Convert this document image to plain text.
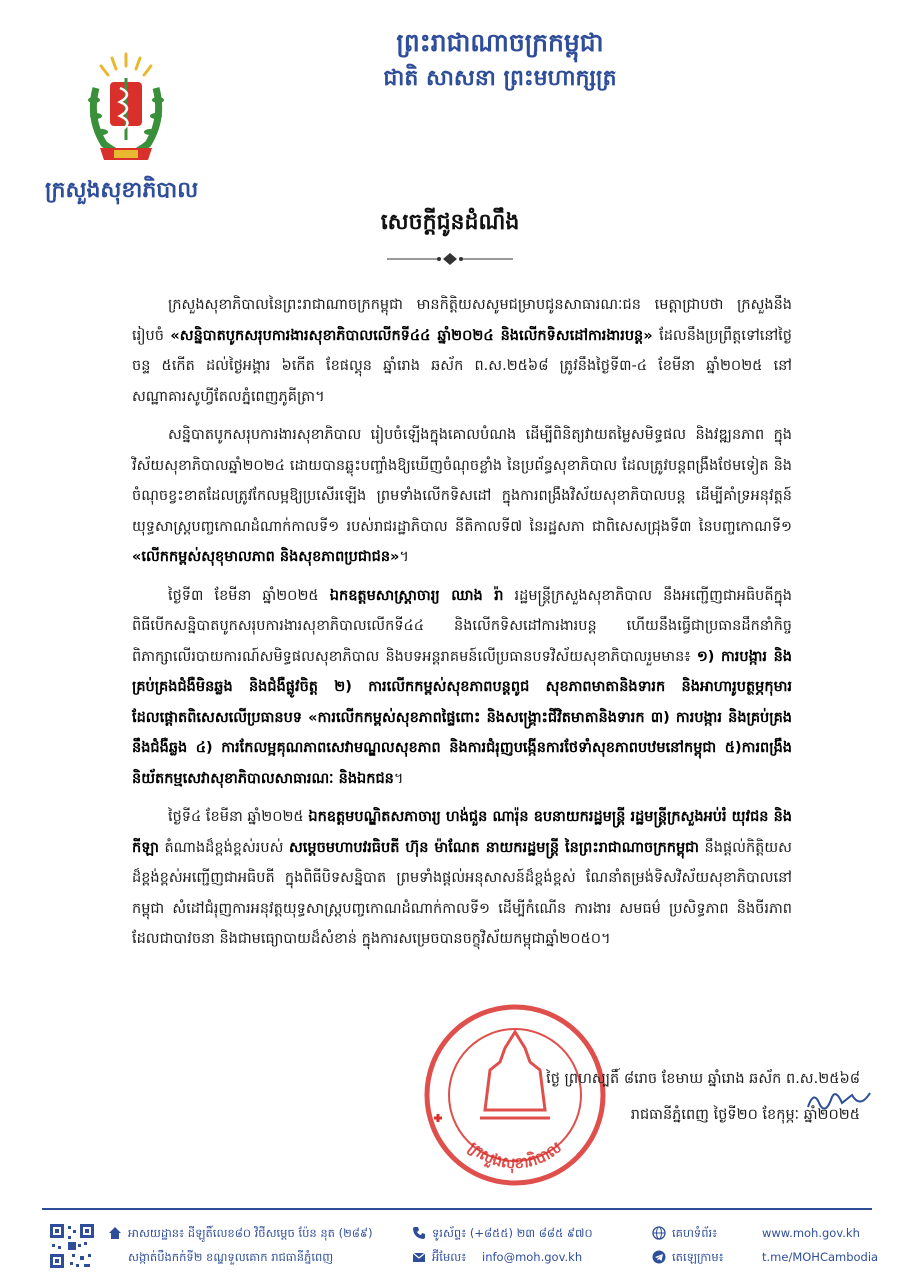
ក្រសួងសុខាភិបាល
ព្រះរាជាណាចក្រកម្ពុជា
ជាតិ សាសនា ព្រះមហាក្សត្រ
សេចក្តីជូនដំណឹង

ក្រសួងសុខាភិបាលនៃព្រះរាជាណាចក្រកម្ពុជា មានកិត្តិយសសូមជម្រាបជូនសាធារណៈជន មេត្តាជ្រាបថា ក្រសួងនឹងរៀបចំ «សន្និបាតបូកសរុបការងារសុខាភិបាលលើកទី៤៤ ឆ្នាំ២០២៤ និងលើកទិសដៅការងារបន្ត» ដែលនឹងប្រព្រឹត្តទៅនៅថ្ងៃចន្ទ ៥កើត ដល់ថ្ងៃអង្គារ ៦កើត ខែផល្គុន ឆ្នាំរោង ឆស័ក ព.ស.២៥៦៨ ត្រូវនឹងថ្ងៃទី៣-៤ ខែមីនា ឆ្នាំ២០២៥ នៅសណ្ឋាគារសូហ្វីតែលភ្នំពេញភូគីត្រា។

សន្និបាតបូកសរុបការងារសុខាភិបាល រៀបចំឡើងក្នុងគោលបំណង ដើម្បីពិនិត្យវាយតម្លៃសមិទ្ធផល និងវឌ្ឍនភាព ក្នុងវិស័យសុខាភិបាលឆ្នាំ២០២៤ ដោយបានឆ្លុះបញ្ចាំងឱ្យឃើញចំណុចខ្លាំង នៃប្រព័ន្ធសុខាភិបាល ដែលត្រូវបន្តពង្រឹងថែមទៀត និងចំណុចខ្វះខាតដែលត្រូវកែលម្អឱ្យប្រសើរឡើង ព្រមទាំងលើកទិសដៅ ក្នុងការពង្រឹងវិស័យសុខាភិបាលបន្ត ដើម្បីគាំទ្រអនុវត្តន៍យុទ្ធសាស្ត្របញ្ចកោណដំណាក់កាលទី១ របស់រាជរដ្ឋាភិបាល នីតិកាលទី៧ នៃរដ្ឋសភា ជាពិសេសជ្រុងទី៣ នៃបញ្ចកោណទី១ «លើកកម្ពស់សុខុមាលភាព និងសុខភាពប្រជាជន»។

ថ្ងៃទី៣ ខែមីនា ឆ្នាំ២០២៥ ឯកឧត្តមសាស្ត្រាចារ្យ ឈាង រ៉ា រដ្ឋមន្ត្រីក្រសួងសុខាភិបាល នឹងអញ្ជើញជាអធិបតីក្នុងពិធីបើកសន្និបាតបូកសរុបការងារសុខាភិបាលលើកទី៤៤ និងលើកទិសដៅការងារបន្ត ហើយនឹងធ្វើជាប្រធានដឹកនាំកិច្ចពិភាក្សាលើរបាយការណ៍សមិទ្ធផលសុខាភិបាល និងបទអន្តរាគមន៍លើប្រធានបទវិស័យសុខាភិបាលរួមមាន៖ ១) ការបង្ការ និងគ្រប់គ្រងជំងឺមិនឆ្លង និងជំងឺផ្លូវចិត្ត ២) ការលើកកម្ពស់សុខភាពបន្តពូជ សុខភាពមាតានិងទារក និងអាហារូបត្ថម្ភកុមារ ដែលផ្តោតពិសេសលើប្រធានបទ «ការលើកកម្ពស់សុខភាពផ្ទៃពោះ និងសង្គ្រោះជីវិតមាតានិងទារក ៣) ការបង្ការ និងគ្រប់គ្រងនឹងជំងឺឆ្លង ៤) ការកែលម្អគុណភាពសេវាមណ្ឌលសុខភាព និងការជំរុញបង្កើនការថែទាំសុខភាពបឋមនៅកម្ពុជា ៥)ការពង្រឹងនិយ័តកម្មសេវាសុខាភិបាលសាធារណៈ និងឯកជន។

ថ្ងៃទី៤ ខែមីនា ឆ្នាំ២០២៥ ឯកឧត្តមបណ្ឌិតសភាចារ្យ ហង់ជួន ណារ៉ុន ឧបនាយករដ្ឋមន្ត្រី រដ្ឋមន្ត្រីក្រសួងអប់រំ យុវជន និងកីឡា តំណាងដ៏ខ្ពង់ខ្ពស់របស់ សម្តេចមហាបវរធិបតី ហ៊ុន ម៉ាណែត នាយករដ្ឋមន្ត្រី នៃព្រះរាជាណាចក្រកម្ពុជា នឹងផ្តល់កិត្តិយសដ៏ខ្ពង់ខ្ពស់អញ្ជើញជាអធិបតី ក្នុងពិធីបិទសន្និបាត ព្រមទាំងផ្តល់អនុសាសន៍ដ៏ខ្ពង់ខ្ពស់ ណែនាំតម្រង់ទិសវិស័យសុខាភិបាលនៅកម្ពុជា សំដៅជំរុញការអនុវត្តយុទ្ធសាស្ត្របញ្ចកោណដំណាក់កាលទី១ ដើម្បីកំណើន ការងារ សមធម៌ ប្រសិទ្ធភាព និងចីរភាព ដែលជាបាវចនា និងជាមធ្យោបាយដ៏សំខាន់ ក្នុងការសម្រេចបានចក្ខុវិស័យកម្ពុជាឆ្នាំ២០៥០។

ក្រសួងសុខាភិបាល
ថ្ងៃ ព្រហស្បតិ៍ ៨រោច ខែមាឃ ឆ្នាំរោង ឆស័ក ព.ស.២៥៦៨
រាជធានីភ្នំពេញ ថ្ងៃទី២០ ខែកុម្ភៈ ឆ្នាំ២០២៥
អាសយដ្ឋាន៖ ដីឡូតិ៍លេខ៨០ វិថីសម្តេច ប៉ែន នុត (២៨៩)
សង្កាត់បឹងកក់ទី២ ខណ្ឌទួលគោក រាជធានីភ្នំពេញ
ទូរស័ព្ទ៖ (+៨៥៥) ២៣ ៨៨៥ ៩៧០
អ៊ីមែល៖ info@moh.gov.kh
គេហទំព័រ៖	www.moh.gov.kh
តេឡេក្រាម៖	t.me/MOHCambodia
